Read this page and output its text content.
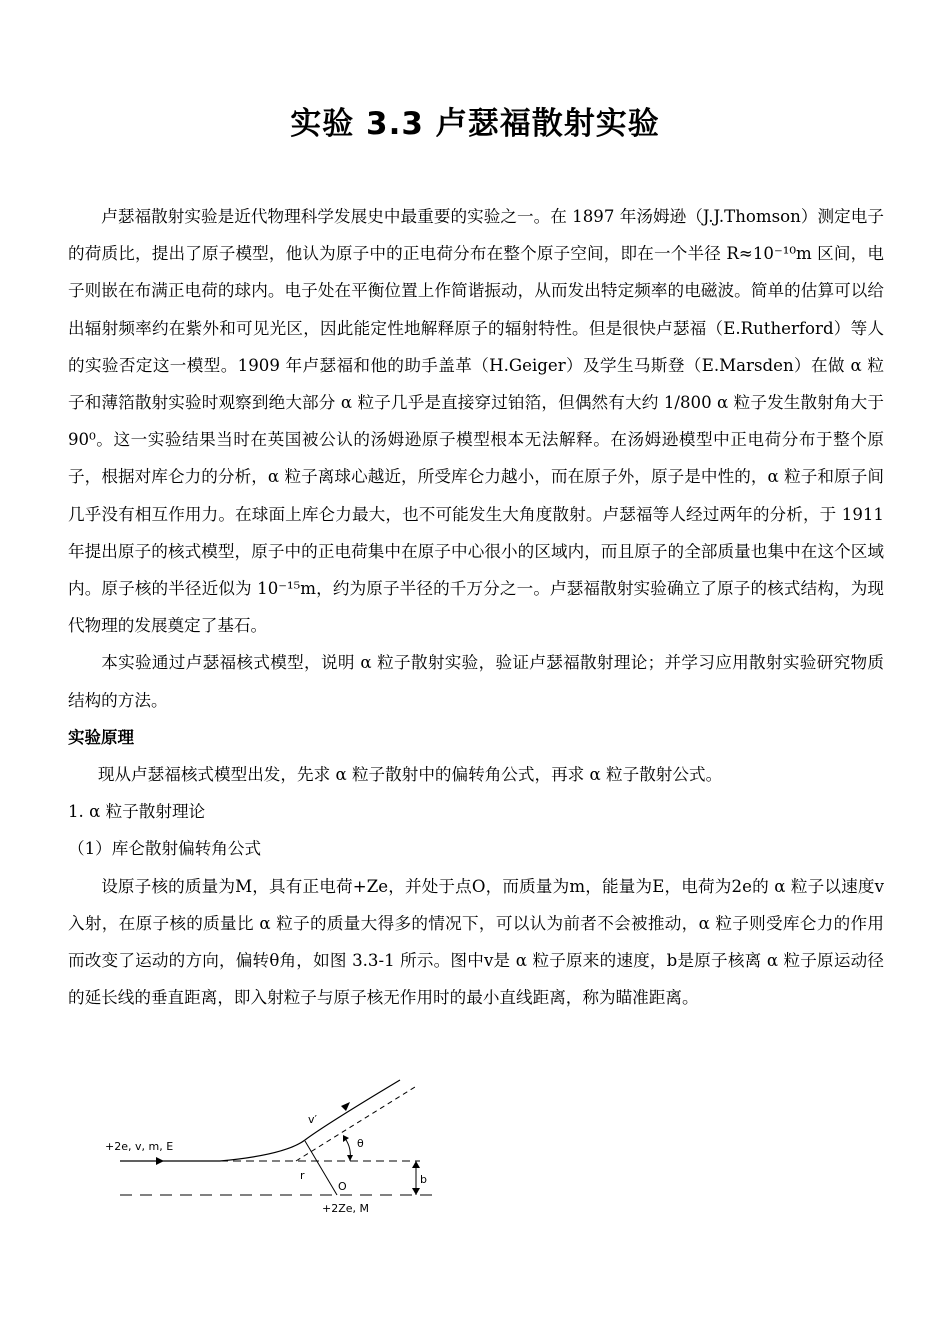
实验 3.3 卢瑟福散射实验

卢瑟福散射实验是近代物理科学发展史中最重要的实验之一。在 1897 年汤姆逊（J.J.Thomson）测定电子的荷质比，提出了原子模型，他认为原子中的正电荷分布在整个原子空间，即在一个半径 R≈10⁻¹⁰m 区间，电子则嵌在布满正电荷的球内。电子处在平衡位置上作简谐振动，从而发出特定频率的电磁波。简单的估算可以给出辐射频率约在紫外和可见光区，因此能定性地解释原子的辐射特性。但是很快卢瑟福（E.Rutherford）等人的实验否定这一模型。1909 年卢瑟福和他的助手盖革（H.Geiger）及学生马斯登（E.Marsden）在做 α 粒子和薄箔散射实验时观察到绝大部分 α 粒子几乎是直接穿过铂箔，但偶然有大约 1/800 α 粒子发生散射角大于 90⁰。这一实验结果当时在英国被公认的汤姆逊原子模型根本无法解释。在汤姆逊模型中正电荷分布于整个原子，根据对库仑力的分析，α 粒子离球心越近，所受库仑力越小，而在原子外，原子是中性的，α 粒子和原子间几乎没有相互作用力。在球面上库仑力最大，也不可能发生大角度散射。卢瑟福等人经过两年的分析，于 1911 年提出原子的核式模型，原子中的正电荷集中在原子中心很小的区域内，而且原子的全部质量也集中在这个区域内。原子核的半径近似为 10⁻¹⁵m，约为原子半径的千万分之一。卢瑟福散射实验确立了原子的核式结构，为现代物理的发展奠定了基石。

本实验通过卢瑟福核式模型，说明 α 粒子散射实验，验证卢瑟福散射理论；并学习应用散射实验研究物质结构的方法。

实验原理

现从卢瑟福核式模型出发，先求 α 粒子散射中的偏转角公式，再求 α 粒子散射公式。

1. α 粒子散射理论

（1）库仑散射偏转角公式

设原子核的质量为M，具有正电荷+Ze，并处于点O，而质量为m，能量为E，电荷为2e的 α 粒子以速度v入射，在原子核的质量比 α 粒子的质量大得多的情况下，可以认为前者不会被推动，α 粒子则受库仑力的作用而改变了运动的方向，偏转θ角，如图 3.3-1 所示。图中v是 α 粒子原来的速度，b是原子核离 α 粒子原运动径的延长线的垂直距离，即入射粒子与原子核无作用时的最小直线距离，称为瞄准距离。

+2e, v, m, E
v′
θ
r
O
b
+2Ze, M
